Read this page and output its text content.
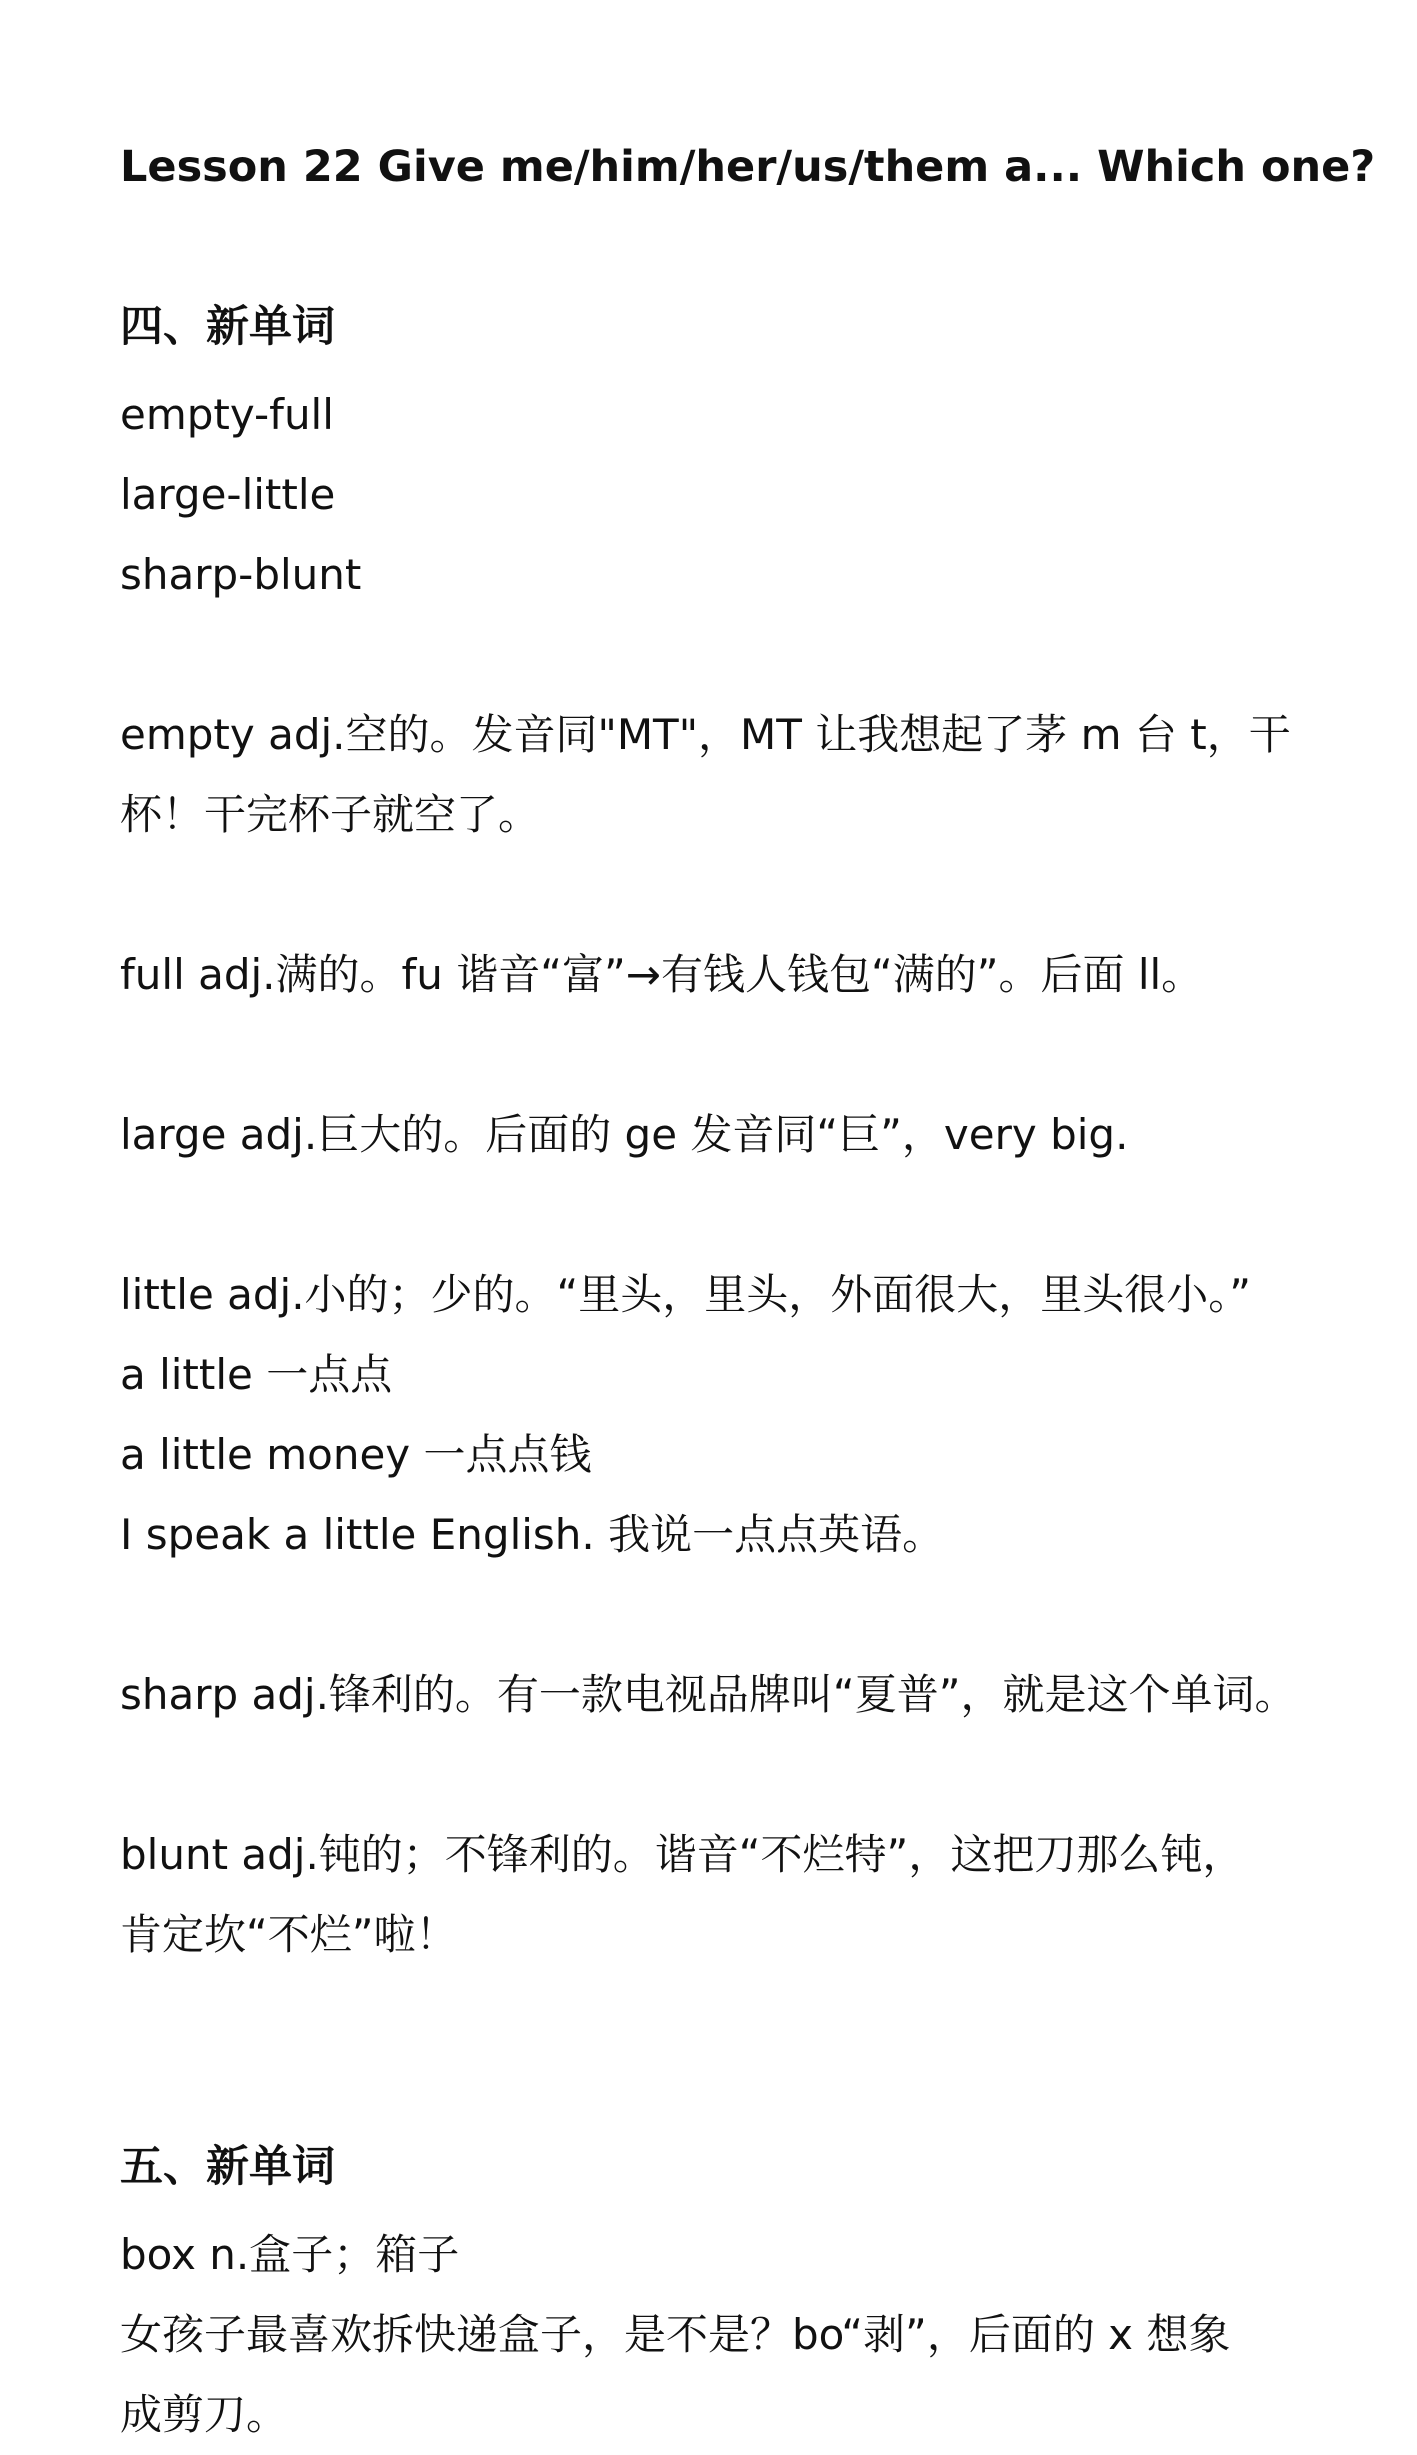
Lesson 22 Give me/him/her/us/them a... Which one?
四、新单词

empty-full

large-little

sharp-blunt

empty adj.空的。发音同"MT"，MT 让我想起了茅 m 台 t，干

杯！干完杯子就空了。

full adj.满的。fu 谐音“富”→有钱人钱包“满的”。后面 ll。

large adj.巨大的。后面的 ge 发音同“巨”，very big.

little adj.小的；少的。“里头，里头，外面很大，里头很小。”

a little 一点点

a little money 一点点钱

I speak a little English. 我说一点点英语。

sharp adj.锋利的。有一款电视品牌叫“夏普”，就是这个单词。

blunt adj.钝的；不锋利的。谐音“不烂特”，这把刀那么钝，

肯定坎“不烂”啦！

五、新单词

box n.盒子；箱子

女孩子最喜欢拆快递盒子，是不是？bo“剥”，后面的 x 想象

成剪刀。
